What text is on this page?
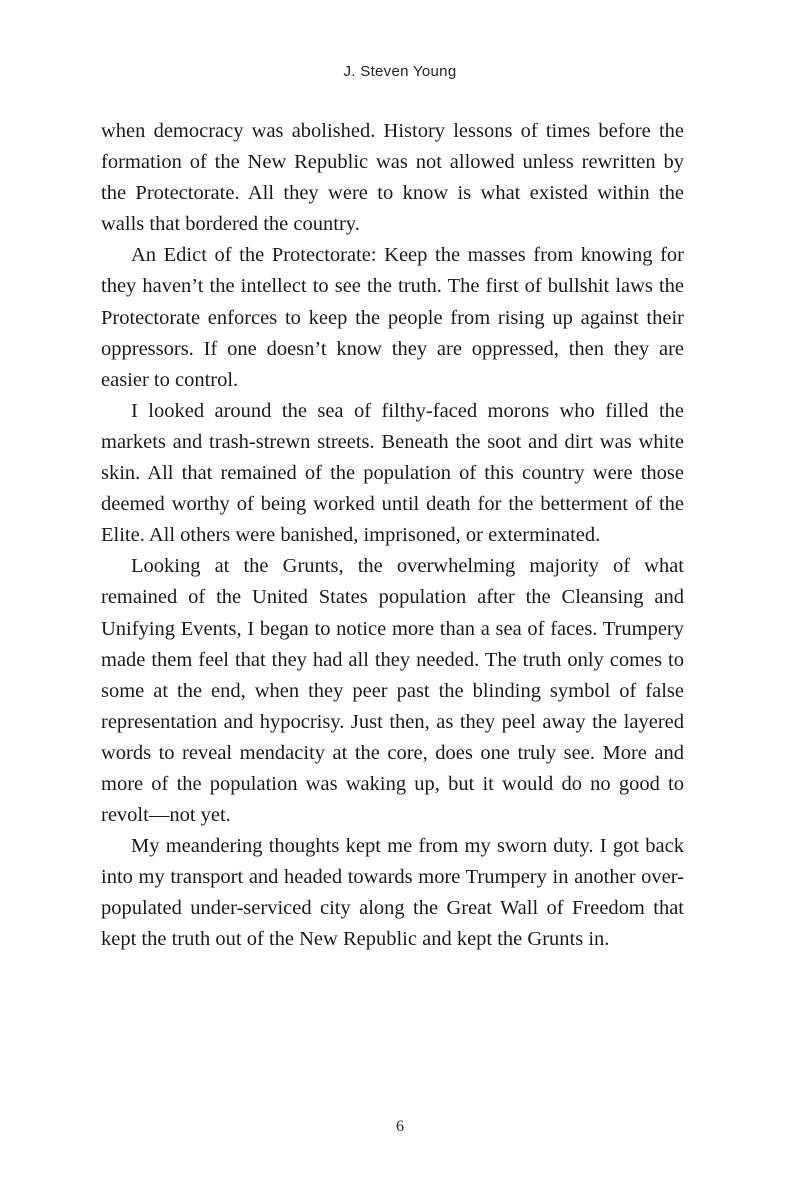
J. Steven Young

when democracy was abolished. History lessons of times before the formation of the New Republic was not allowed unless rewritten by the Protectorate. All they were to know is what existed within the walls that bordered the country.

An Edict of the Protectorate: Keep the masses from knowing for they haven’t the intellect to see the truth. The first of bullshit laws the Protectorate enforces to keep the people from rising up against their oppressors. If one doesn’t know they are oppressed, then they are easier to control.

I looked around the sea of filthy-faced morons who filled the markets and trash-strewn streets. Beneath the soot and dirt was white skin. All that remained of the population of this country were those deemed worthy of being worked until death for the betterment of the Elite. All others were banished, imprisoned, or exterminated.

Looking at the Grunts, the overwhelming majority of what remained of the United States population after the Cleansing and Unifying Events, I began to notice more than a sea of faces. Trumpery made them feel that they had all they needed. The truth only comes to some at the end, when they peer past the blinding symbol of false representation and hypocrisy. Just then, as they peel away the layered words to reveal mendacity at the core, does one truly see. More and more of the population was waking up, but it would do no good to revolt—not yet.

My meandering thoughts kept me from my sworn duty. I got back into my transport and headed towards more Trumpery in another over-populated under-serviced city along the Great Wall of Freedom that kept the truth out of the New Republic and kept the Grunts in.

6
